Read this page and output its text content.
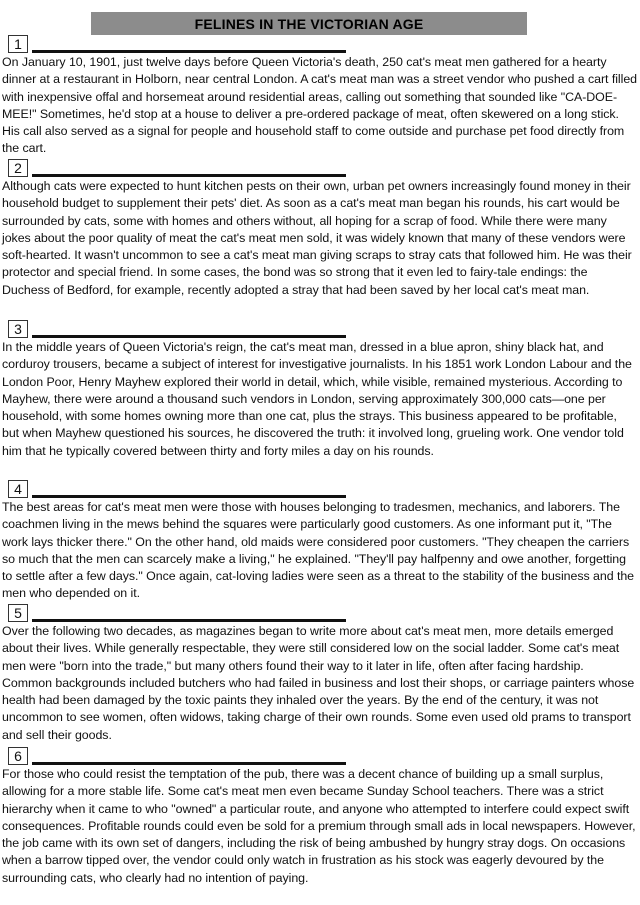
FELINES IN THE VICTORIAN AGE
1

On January 10, 1901, just twelve days before Queen Victoria's death, 250 cat's meat men gathered for a hearty dinner at a restaurant in Holborn, near central London. A cat's meat man was a street vendor who pushed a cart filled with inexpensive offal and horsemeat around residential areas, calling out something that sounded like "CA-DOE-MEE!" Sometimes, he'd stop at a house to deliver a pre-ordered package of meat, often skewered on a long stick. His call also served as a signal for people and household staff to come outside and purchase pet food directly from the cart.

2

Although cats were expected to hunt kitchen pests on their own, urban pet owners increasingly found money in their household budget to supplement their pets' diet. As soon as a cat's meat man began his rounds, his cart would be surrounded by cats, some with homes and others without, all hoping for a scrap of food. While there were many jokes about the poor quality of meat the cat's meat men sold, it was widely known that many of these vendors were soft-hearted. It wasn't uncommon to see a cat's meat man giving scraps to stray cats that followed him. He was their protector and special friend. In some cases, the bond was so strong that it even led to fairy-tale endings: the Duchess of Bedford, for example, recently adopted a stray that had been saved by her local cat's meat man.

3

In the middle years of Queen Victoria's reign, the cat's meat man, dressed in a blue apron, shiny black hat, and corduroy trousers, became a subject of interest for investigative journalists. In his 1851 work London Labour and the London Poor, Henry Mayhew explored their world in detail, which, while visible, remained mysterious. According to Mayhew, there were around a thousand such vendors in London, serving approximately 300,000 cats—one per household, with some homes owning more than one cat, plus the strays. This business appeared to be profitable, but when Mayhew questioned his sources, he discovered the truth: it involved long, grueling work. One vendor told him that he typically covered between thirty and forty miles a day on his rounds.

4

The best areas for cat's meat men were those with houses belonging to tradesmen, mechanics, and laborers. The coachmen living in the mews behind the squares were particularly good customers. As one informant put it, "The work lays thicker there." On the other hand, old maids were considered poor customers. "They cheapen the carriers so much that the men can scarcely make a living," he explained. "They'll pay halfpenny and owe another, forgetting to settle after a few days." Once again, cat-loving ladies were seen as a threat to the stability of the business and the men who depended on it.

5

Over the following two decades, as magazines began to write more about cat's meat men, more details emerged about their lives. While generally respectable, they were still considered low on the social ladder. Some cat's meat men were "born into the trade," but many others found their way to it later in life, often after facing hardship. Common backgrounds included butchers who had failed in business and lost their shops, or carriage painters whose health had been damaged by the toxic paints they inhaled over the years. By the end of the century, it was not uncommon to see women, often widows, taking charge of their own rounds. Some even used old prams to transport and sell their goods.

6

For those who could resist the temptation of the pub, there was a decent chance of building up a small surplus, allowing for a more stable life. Some cat's meat men even became Sunday School teachers. There was a strict hierarchy when it came to who "owned" a particular route, and anyone who attempted to interfere could expect swift consequences. Profitable rounds could even be sold for a premium through small ads in local newspapers. However, the job came with its own set of dangers, including the risk of being ambushed by hungry stray dogs. On occasions when a barrow tipped over, the vendor could only watch in frustration as his stock was eagerly devoured by the surrounding cats, who clearly had no intention of paying.
